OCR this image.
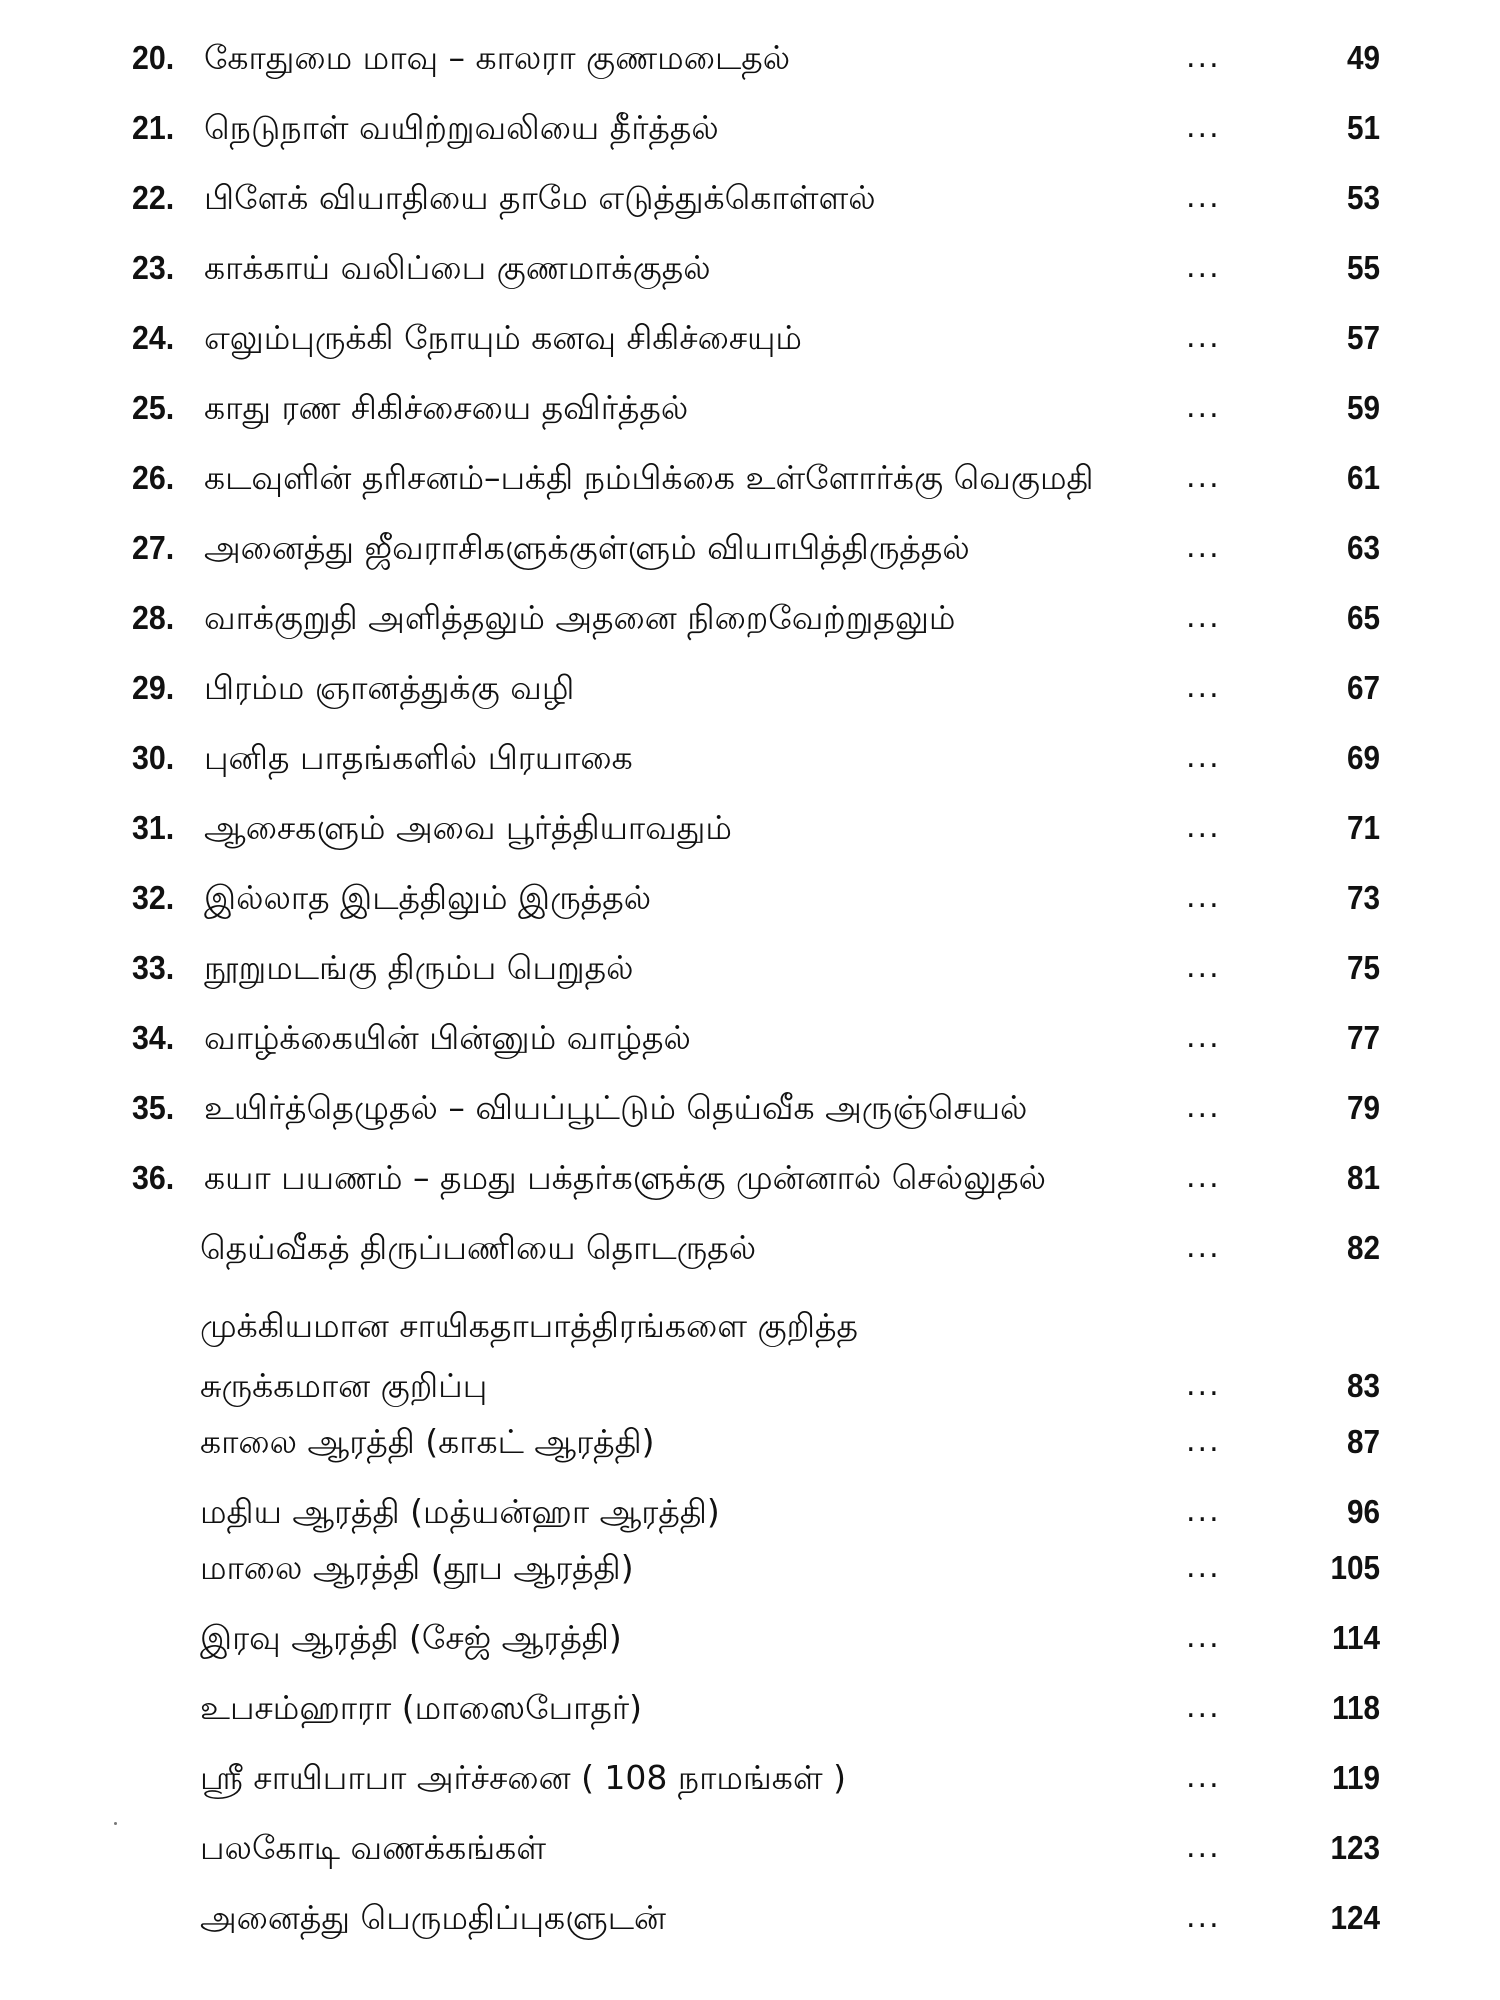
20. கோதுமை மாவு – காலரா குணமடைதல்	...	49
21. நெடுநாள் வயிற்றுவலியை தீர்த்தல்	...	51
22. பிளேக் வியாதியை தாமே எடுத்துக்கொள்ளல்	...	53
23. காக்காய் வலிப்பை குணமாக்குதல்	...	55
24. எலும்புருக்கி நோயும் கனவு சிகிச்சையும்	...	57
25. காது ரண சிகிச்சையை தவிர்த்தல்	...	59
26. கடவுளின் தரிசனம்–பக்தி நம்பிக்கை உள்ளோர்க்கு வெகுமதி	...	61
27. அனைத்து ஜீவராசிகளுக்குள்ளும் வியாபித்திருத்தல்	...	63
28. வாக்குறுதி அளித்தலும் அதனை நிறைவேற்றுதலும்	...	65
29. பிரம்ம ஞானத்துக்கு வழி	...	67
30. புனித பாதங்களில் பிரயாகை	...	69
31. ஆசைகளும் அவை பூர்த்தியாவதும்	...	71
32. இல்லாத இடத்திலும் இருத்தல்	...	73
33. நூறுமடங்கு திரும்ப பெறுதல்	...	75
34. வாழ்க்கையின் பின்னும் வாழ்தல்	...	77
35. உயிர்த்தெழுதல் – வியப்பூட்டும் தெய்வீக அருஞ்செயல்	...	79
36. கயா பயணம் – தமது பக்தர்களுக்கு முன்னால் செல்லுதல்	...	81
தெய்வீகத் திருப்பணியை தொடருதல்	...	82
முக்கியமான சாயிகதாபாத்திரங்களை குறித்த சுருக்கமான குறிப்பு	...	83
காலை ஆரத்தி (காகட் ஆரத்தி)	...	87
மதிய ஆரத்தி (மத்யன்ஹா ஆரத்தி)	...	96
மாலை ஆரத்தி (தூப ஆரத்தி)	...	105
இரவு ஆரத்தி (சேஜ் ஆரத்தி)	...	114
உபசம்ஹாரா (மாஸைபோதர்)	...	118
ஸ்ரீ சாயிபாபா அர்ச்சனை ( 108 நாமங்கள் )	...	119
பலகோடி வணக்கங்கள்	...	123
அனைத்து பெருமதிப்புகளுடன்	...	124
